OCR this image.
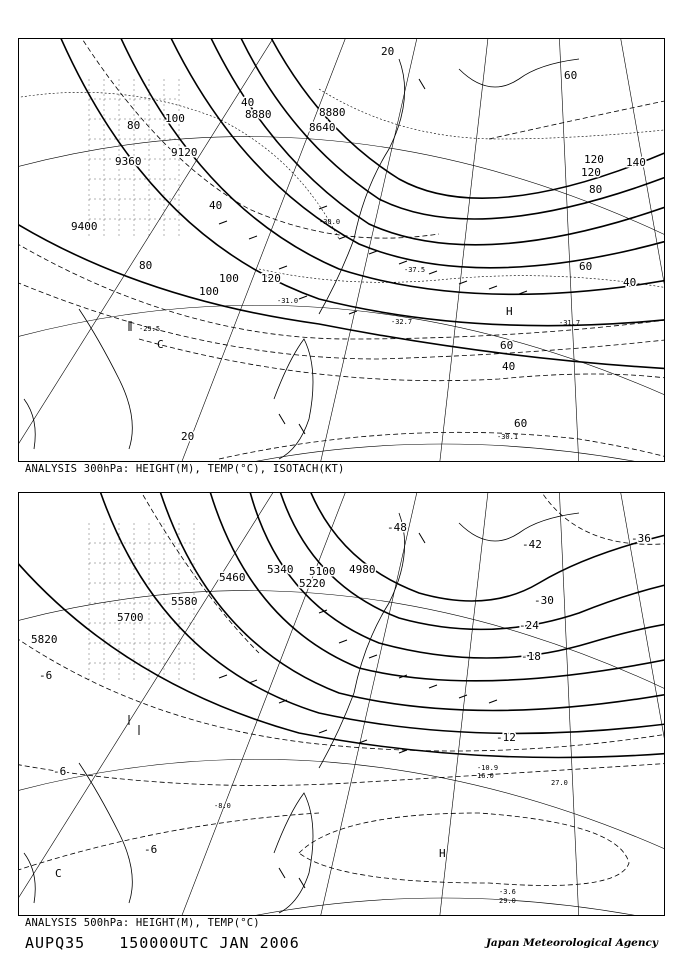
8880
9120
9360
9400
8640
8880
20
40
60
80
100
120 140
120
100
80	60
40
20
40
60
80
100 120
40
60
-31.0
-37.5
-31.7
-29.5
-30.1
-32.7
-30.0
H
C
ANALYSIS 300hPa: HEIGHT(M), TEMP(°C), ISOTACH(KT)
5340
5580
5700
5820
5100 4980
5220
5460
-36
-30
-24
-18
-12
-6
-42
-48
-6
-6
-10.9
-8.0
-3.6
29.0
27.0
16.0
H
C
ANALYSIS 500hPa: HEIGHT(M), TEMP(°C)
AUPQ35 150000UTC JAN 2006	Japan Meteorological Agency
